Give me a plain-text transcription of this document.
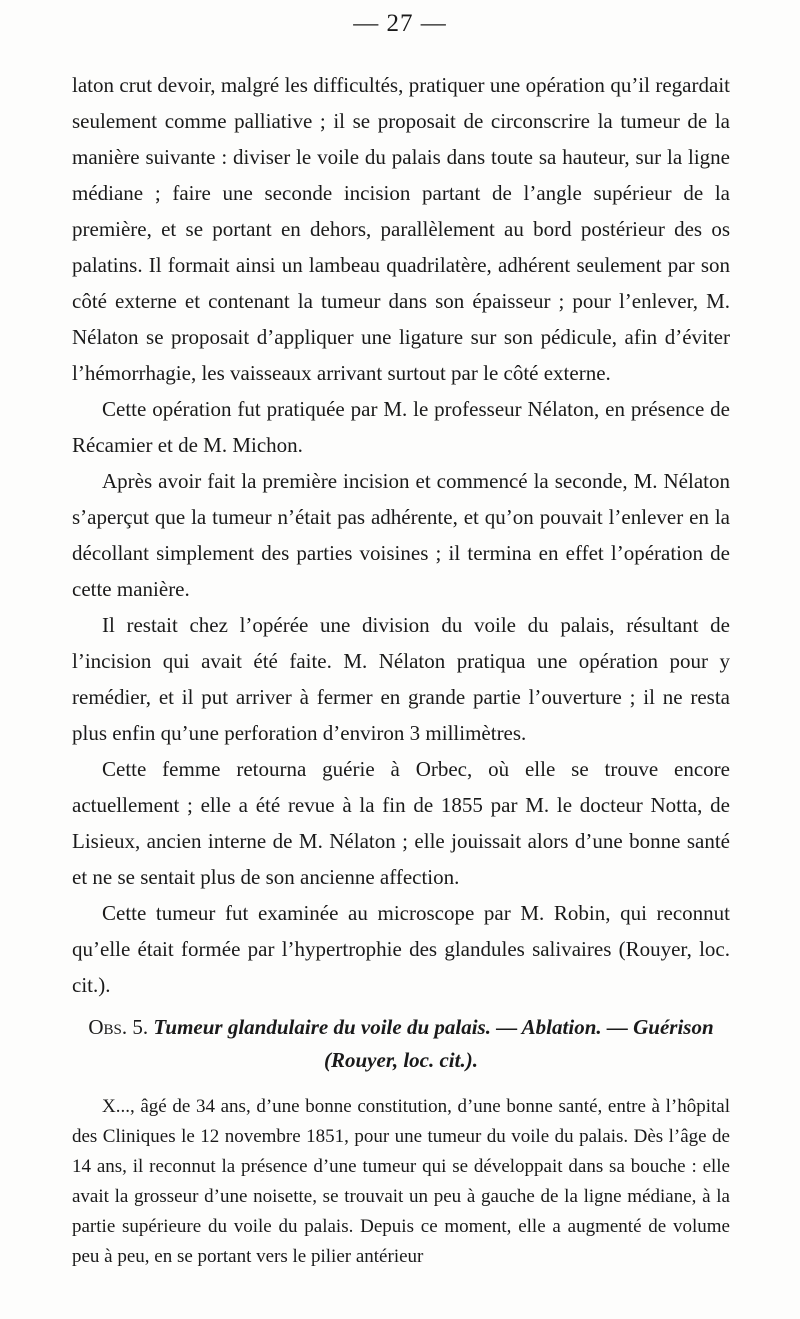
— 27 —

laton crut devoir, malgré les difficultés, pratiquer une opération qu’il regardait seulement comme palliative ; il se proposait de circonscrire la tumeur de la manière suivante : diviser le voile du palais dans toute sa hauteur, sur la ligne médiane ; faire une seconde incision partant de l’angle supérieur de la première, et se portant en dehors, parallèlement au bord postérieur des os palatins. Il formait ainsi un lambeau quadrilatère, adhérent seulement par son côté externe et contenant la tumeur dans son épaisseur ; pour l’enlever, M. Nélaton se proposait d’appliquer une ligature sur son pédicule, afin d’éviter l’hémorrhagie, les vaisseaux arrivant surtout par le côté externe.

Cette opération fut pratiquée par M. le professeur Nélaton, en présence de Récamier et de M. Michon.

Après avoir fait la première incision et commencé la seconde, M. Nélaton s’aperçut que la tumeur n’était pas adhérente, et qu’on pouvait l’enlever en la décollant simplement des parties voisines ; il termina en effet l’opération de cette manière.

Il restait chez l’opérée une division du voile du palais, résultant de l’incision qui avait été faite. M. Nélaton pratiqua une opération pour y remédier, et il put arriver à fermer en grande partie l’ouverture ; il ne resta plus enfin qu’une perforation d’environ 3 millimètres.

Cette femme retourna guérie à Orbec, où elle se trouve encore actuellement ; elle a été revue à la fin de 1855 par M. le docteur Notta, de Lisieux, ancien interne de M. Nélaton ; elle jouissait alors d’une bonne santé et ne se sentait plus de son ancienne affection.

Cette tumeur fut examinée au microscope par M. Robin, qui reconnut qu’elle était formée par l’hypertrophie des glandules salivaires (Rouyer, loc. cit.).

Obs. 5. Tumeur glandulaire du voile du palais. — Ablation. — Guérison (Rouyer, loc. cit.).

X..., âgé de 34 ans, d’une bonne constitution, d’une bonne santé, entre à l’hôpital des Cliniques le 12 novembre 1851, pour une tumeur du voile du palais. Dès l’âge de 14 ans, il reconnut la présence d’une tumeur qui se développait dans sa bouche : elle avait la grosseur d’une noisette, se trouvait un peu à gauche de la ligne médiane, à la partie supérieure du voile du palais. Depuis ce moment, elle a augmenté de volume peu à peu, en se portant vers le pilier antérieur
